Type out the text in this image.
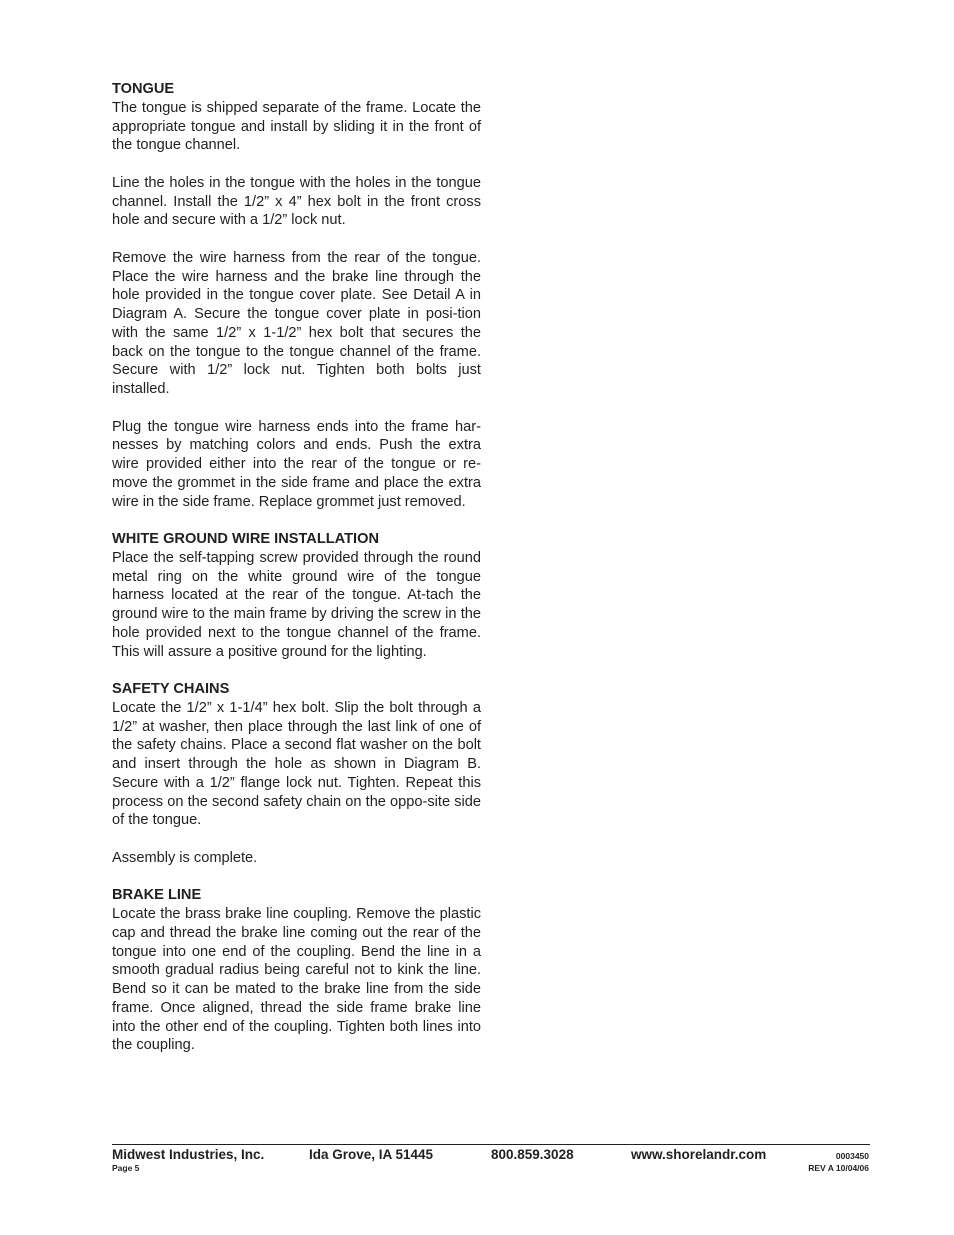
TONGUE

The tongue is shipped separate of the frame. Locate the appropriate tongue and install by sliding it in the front of the tongue channel.

Line the holes in the tongue with the holes in the tongue channel. Install the 1/2” x 4” hex bolt in the front cross hole and secure with a 1/2” lock nut.

Remove the wire harness from the rear of the tongue. Place the wire harness and the brake line through the hole provided in the tongue cover plate. See Detail A in Diagram A. Secure the tongue cover plate in posi-tion with the same 1/2” x 1-1/2” hex bolt that secures the back on the tongue to the tongue channel of the frame. Secure with 1/2” lock nut. Tighten both bolts just installed.

Plug the tongue wire harness ends into the frame har-nesses by matching colors and ends. Push the extra wire provided either into the rear of the tongue or re-move the grommet in the side frame and place the extra wire in the side frame. Replace grommet just removed.

WHITE GROUND WIRE INSTALLATION

Place the self-tapping screw provided through the round metal ring on the white ground wire of the tongue harness located at the rear of the tongue. At-tach the ground wire to the main frame by driving the screw in the hole provided next to the tongue channel of the frame. This will assure a positive ground for the lighting.

SAFETY CHAINS

Locate the 1/2” x 1-1/4” hex bolt. Slip the bolt through a 1/2” at washer, then place through the last link of one of the safety chains. Place a second flat washer on the bolt and insert through the hole as shown in Diagram B. Secure with a 1/2” flange lock nut. Tighten. Repeat this process on the second safety chain on the oppo-site side of the tongue.

Assembly is complete.

BRAKE LINE

Locate the brass brake line coupling. Remove the plastic cap and thread the brake line coming out the rear of the tongue into one end of the coupling. Bend the line in a smooth gradual radius being careful not to kink the line. Bend so it can be mated to the brake line from the side frame. Once aligned, thread the side frame brake line into the other end of the coupling. Tighten both lines into the coupling.

Midwest Industries, Inc.	Ida Grove, IA 51445	800.859.3028	www.shorelandr.com
Page 5
0003450
REV A 10/04/06
